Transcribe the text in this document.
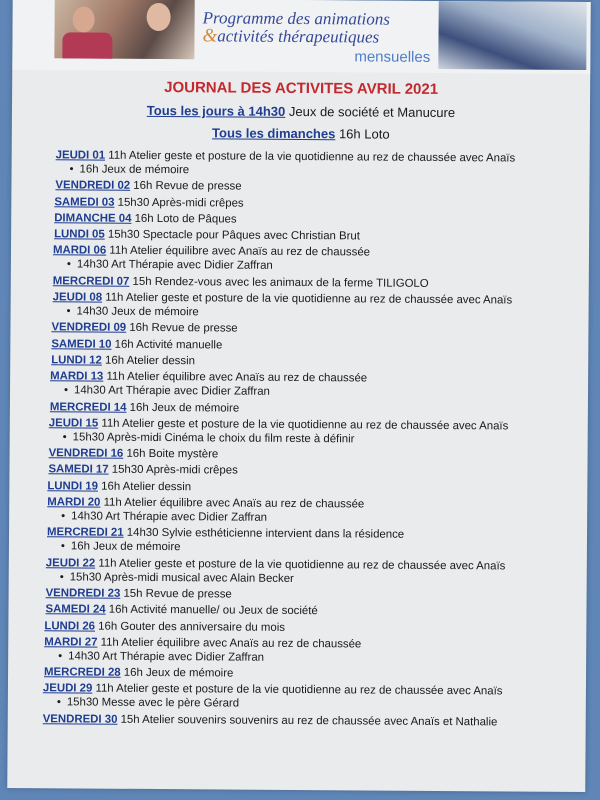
Programme des animations
&activités thérapeutiques
mensuelles
JOURNAL DES ACTIVITES AVRIL 2021
Tous les jours à 14h30 Jeux de société et Manucure
Tous les dimanches 16h Loto
JEUDI 01 11h Atelier geste et posture de la vie quotidienne au rez de chaussée avec Anaïs
• 16h Jeux de mémoire
VENDREDI 02 16h Revue de presse
SAMEDI 03 15h30 Après-midi crêpes
DIMANCHE 04 16h Loto de Pâques
LUNDI 05 15h30 Spectacle pour Pâques avec Christian Brut
MARDI 06 11h Atelier équilibre avec Anaïs au rez de chaussée
• 14h30 Art Thérapie avec Didier Zaffran
MERCREDI 07 15h Rendez-vous avec les animaux de la ferme TILIGOLO
JEUDI 08 11h Atelier geste et posture de la vie quotidienne au rez de chaussée avec Anaïs
• 14h30 Jeux de mémoire
VENDREDI 09 16h Revue de presse
SAMEDI 10 16h Activité manuelle
LUNDI 12 16h Atelier dessin
MARDI 13 11h Atelier équilibre avec Anaïs au rez de chaussée
• 14h30 Art Thérapie avec Didier Zaffran
MERCREDI 14 16h Jeux de mémoire
JEUDI 15 11h Atelier geste et posture de la vie quotidienne au rez de chaussée avec Anaïs
• 15h30 Après-midi Cinéma le choix du film reste à définir
VENDREDI 16 16h Boite mystère
SAMEDI 17 15h30 Après-midi crêpes
LUNDI 19 16h Atelier dessin
MARDI 20 11h Atelier équilibre avec Anaïs au rez de chaussée
• 14h30 Art Thérapie avec Didier Zaffran
MERCREDI 21 14h30 Sylvie esthéticienne intervient dans la résidence
• 16h Jeux de mémoire
JEUDI 22 11h Atelier geste et posture de la vie quotidienne au rez de chaussée avec Anaïs
• 15h30 Après-midi musical avec Alain Becker
VENDREDI 23 15h Revue de presse
SAMEDI 24 16h Activité manuelle/ ou Jeux de société
LUNDI 26 16h Gouter des anniversaire du mois
MARDI 27 11h Atelier équilibre avec Anaïs au rez de chaussée
• 14h30 Art Thérapie avec Didier Zaffran
MERCREDI 28 16h Jeux de mémoire
JEUDI 29 11h Atelier geste et posture de la vie quotidienne au rez de chaussée avec Anaïs
• 15h30 Messe avec le père Gérard
VENDREDI 30 15h Atelier souvenirs souvenirs au rez de chaussée avec Anaïs et Nathalie
